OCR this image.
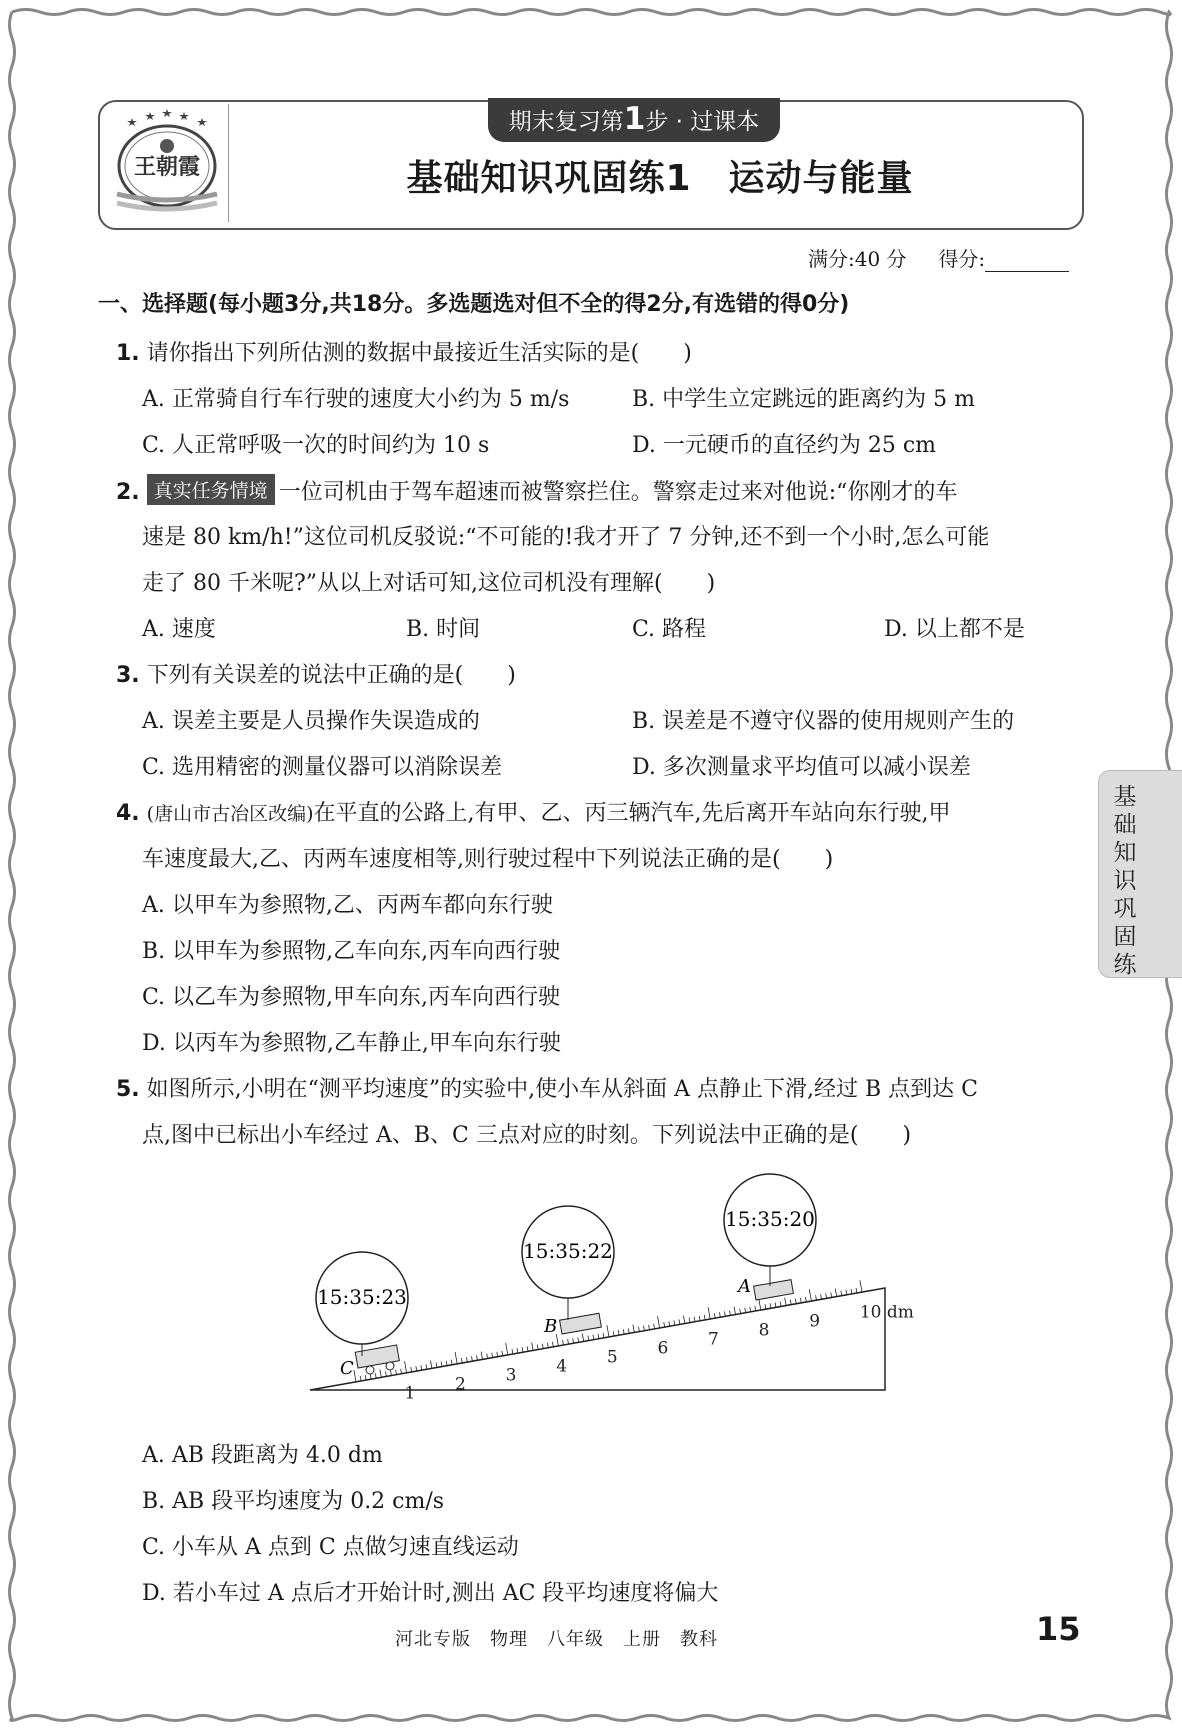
王朝霞
期末复习第1步 · 过课本
基础知识巩固练1　运动与能量
满分:40 分 得分:
一、选择题(每小题3分,共18分。多选题选对但不全的得2分,有选错的得0分)
1. 请你指出下列所估测的数据中最接近生活实际的是(　　)
A. 正常骑自行车行驶的速度大小约为 5 m/s	B. 中学生立定跳远的距离约为 5 m
C. 人正常呼吸一次的时间约为 10 s	D. 一元硬币的直径约为 25 cm
2. 真实任务情境 一位司机由于驾车超速而被警察拦住。警察走过来对他说:“你刚才的车
速是 80 km/h!”这位司机反驳说:“不可能的!我才开了 7 分钟,还不到一个小时,怎么可能
走了 80 千米呢?”从以上对话可知,这位司机没有理解(　　)
A. 速度	B. 时间	C. 路程	D. 以上都不是
3. 下列有关误差的说法中正确的是(　　)
A. 误差主要是人员操作失误造成的	B. 误差是不遵守仪器的使用规则产生的
C. 选用精密的测量仪器可以消除误差	D. 多次测量求平均值可以减小误差
4. (唐山市古冶区改编)在平直的公路上,有甲、乙、丙三辆汽车,先后离开车站向东行驶,甲
车速度最大,乙、丙两车速度相等,则行驶过程中下列说法正确的是(　　)
A. 以甲车为参照物,乙、丙两车都向东行驶
B. 以甲车为参照物,乙车向东,丙车向西行驶
C. 以乙车为参照物,甲车向东,丙车向西行驶
D. 以丙车为参照物,乙车静止,甲车向东行驶
5. 如图所示,小明在“测平均速度”的实验中,使小车从斜面 A 点静止下滑,经过 B 点到达 C
点,图中已标出小车经过 A、B、C 三点对应的时刻。下列说法中正确的是(　　)
1 2 3 4 5 6 7 8 9 10 dm
C
B
A
15:35:23
15:35:22
15:35:20
A. AB 段距离为 4.0 dm
B. AB 段平均速度为 0.2 cm/s
C. 小车从 A 点到 C 点做匀速直线运动
D. 若小车过 A 点后才开始计时,测出 AC 段平均速度将偏大
基
础
知
识
巩
固
练
河北专版　物理　八年级　上册　教科	15
